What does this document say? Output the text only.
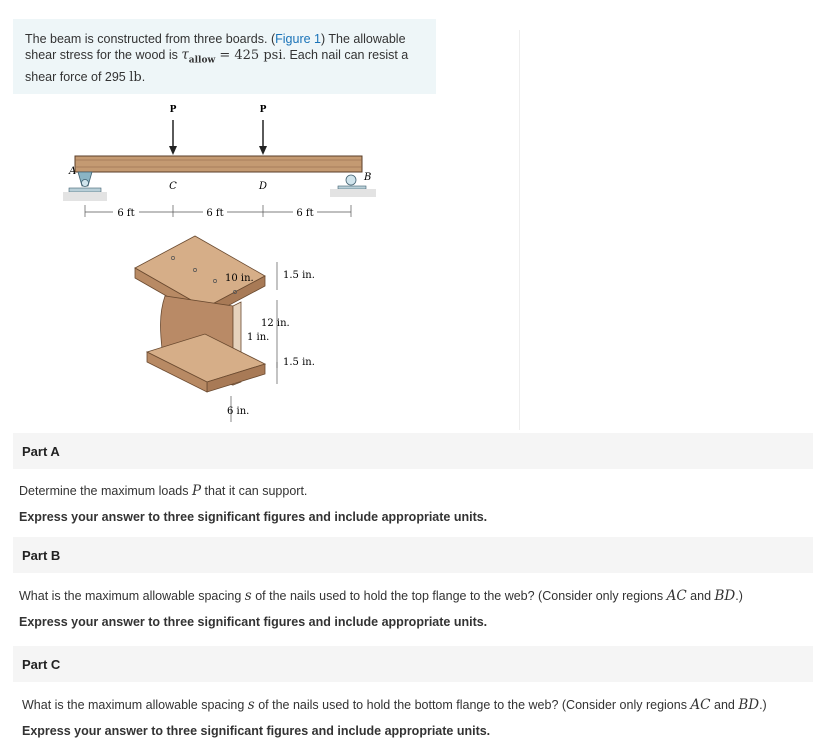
The beam is constructed from three boards. (Figure 1) The allowable shear stress for the wood is $\tau_{allow} = 425$ psi. Each nail can resist a shear force of 295 lb.
P	P
A
C	D
B
6 ft	6 ft	6 ft
10 in.	1.5 in.
12 in.
1 in.
1.5 in.
6 in.
Part A
Determine the maximum loads P that it can support.
Express your answer to three significant figures and include appropriate units.
Part B
What is the maximum allowable spacing s of the nails used to hold the top flange to the web? (Consider only regions AC and BD.)
Express your answer to three significant figures and include appropriate units.
Part C
What is the maximum allowable spacing s of the nails used to hold the bottom flange to the web? (Consider only regions AC and BD.)
Express your answer to three significant figures and include appropriate units.
